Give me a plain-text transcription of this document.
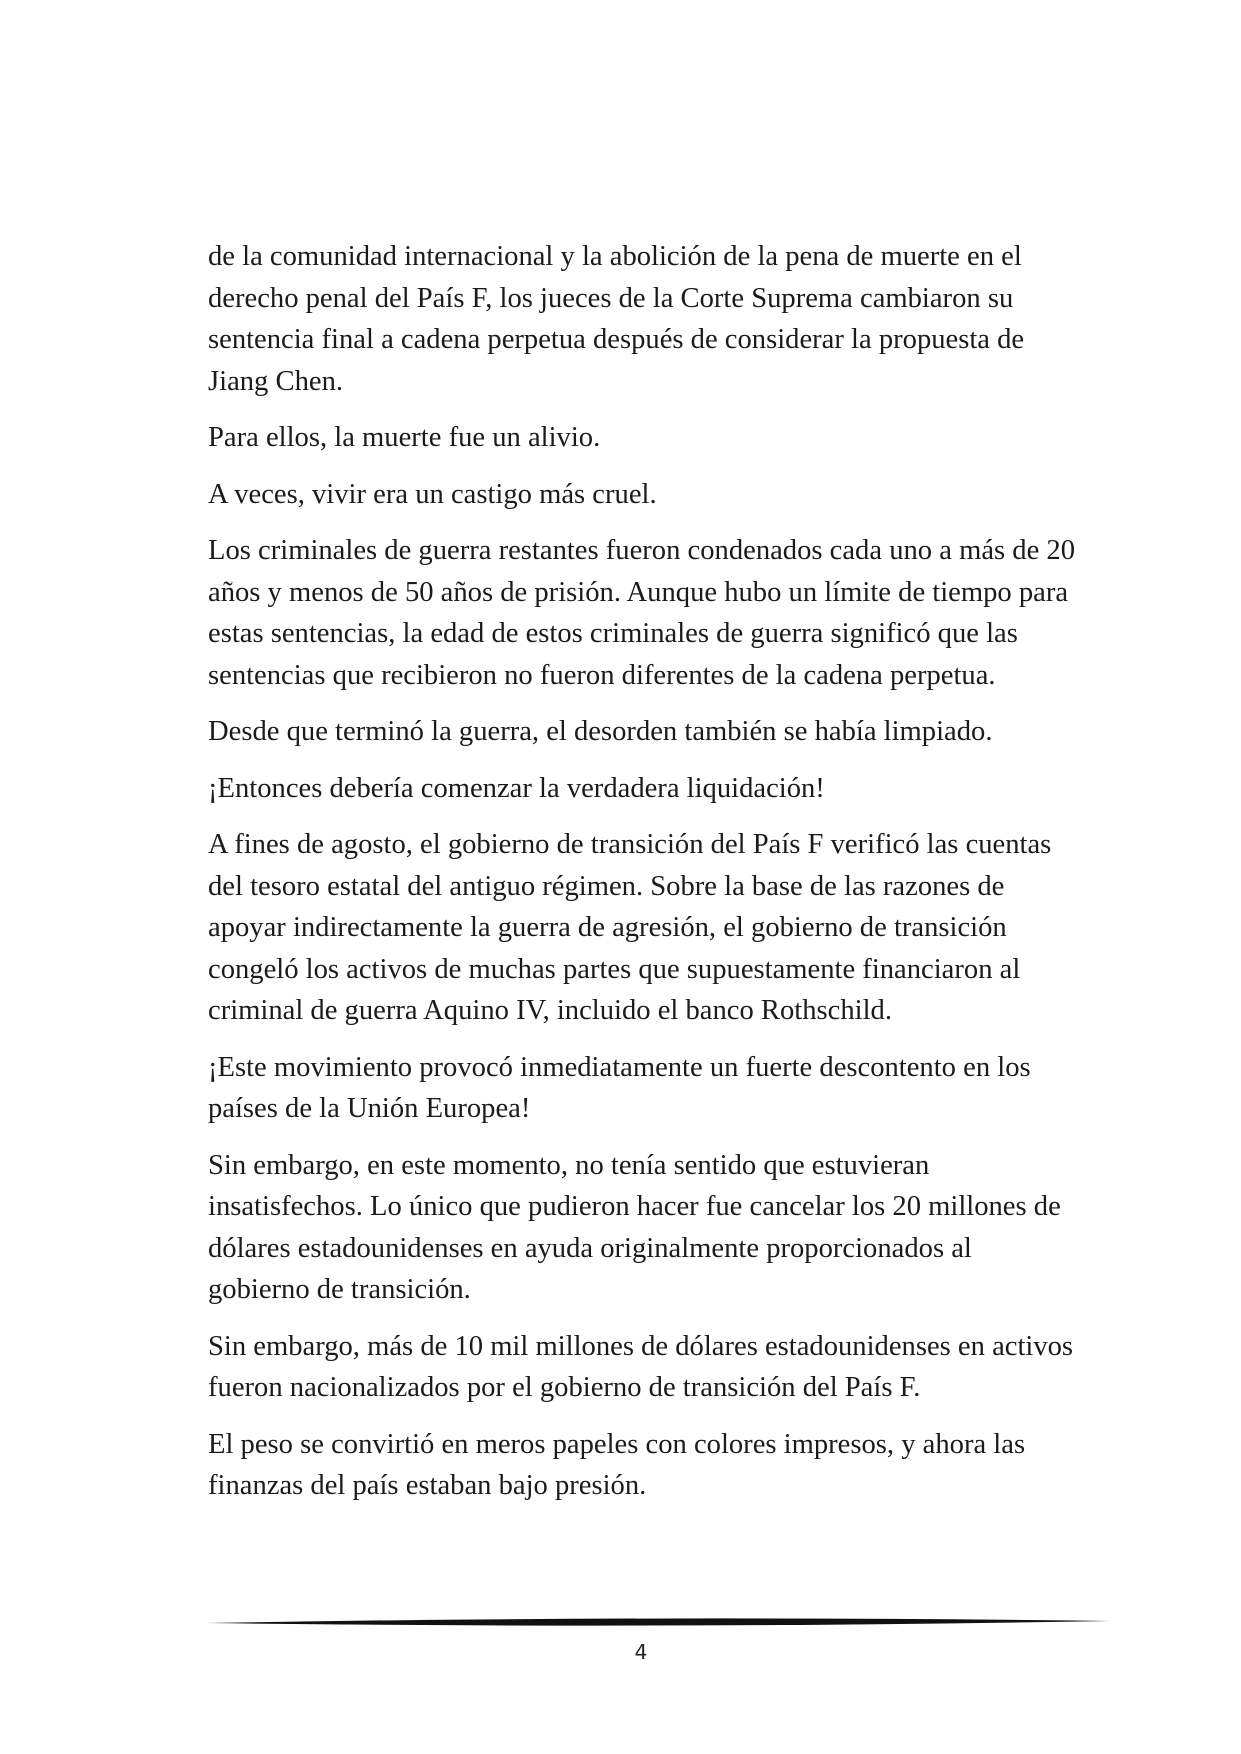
de la comunidad internacional y la abolición de la pena de muerte en el derecho penal del País F, los jueces de la Corte Suprema cambiaron su sentencia final a cadena perpetua después de considerar la propuesta de Jiang Chen.

Para ellos, la muerte fue un alivio.

A veces, vivir era un castigo más cruel.

Los criminales de guerra restantes fueron condenados cada uno a más de 20 años y menos de 50 años de prisión. Aunque hubo un límite de tiempo para estas sentencias, la edad de estos criminales de guerra significó que las sentencias que recibieron no fueron diferentes de la cadena perpetua.

Desde que terminó la guerra, el desorden también se había limpiado.

¡Entonces debería comenzar la verdadera liquidación!

A fines de agosto, el gobierno de transición del País F verificó las cuentas del tesoro estatal del antiguo régimen. Sobre la base de las razones de apoyar indirectamente la guerra de agresión, el gobierno de transición congeló los activos de muchas partes que supuestamente financiaron al criminal de guerra Aquino IV, incluido el banco Rothschild.

¡Este movimiento provocó inmediatamente un fuerte descontento en los países de la Unión Europea!

Sin embargo, en este momento, no tenía sentido que estuvieran insatisfechos. Lo único que pudieron hacer fue cancelar los 20 millones de dólares estadounidenses en ayuda originalmente proporcionados al gobierno de transición.

Sin embargo, más de 10 mil millones de dólares estadounidenses en activos fueron nacionalizados por el gobierno de transición del País F.

El peso se convirtió en meros papeles con colores impresos, y ahora las finanzas del país estaban bajo presión.

4
